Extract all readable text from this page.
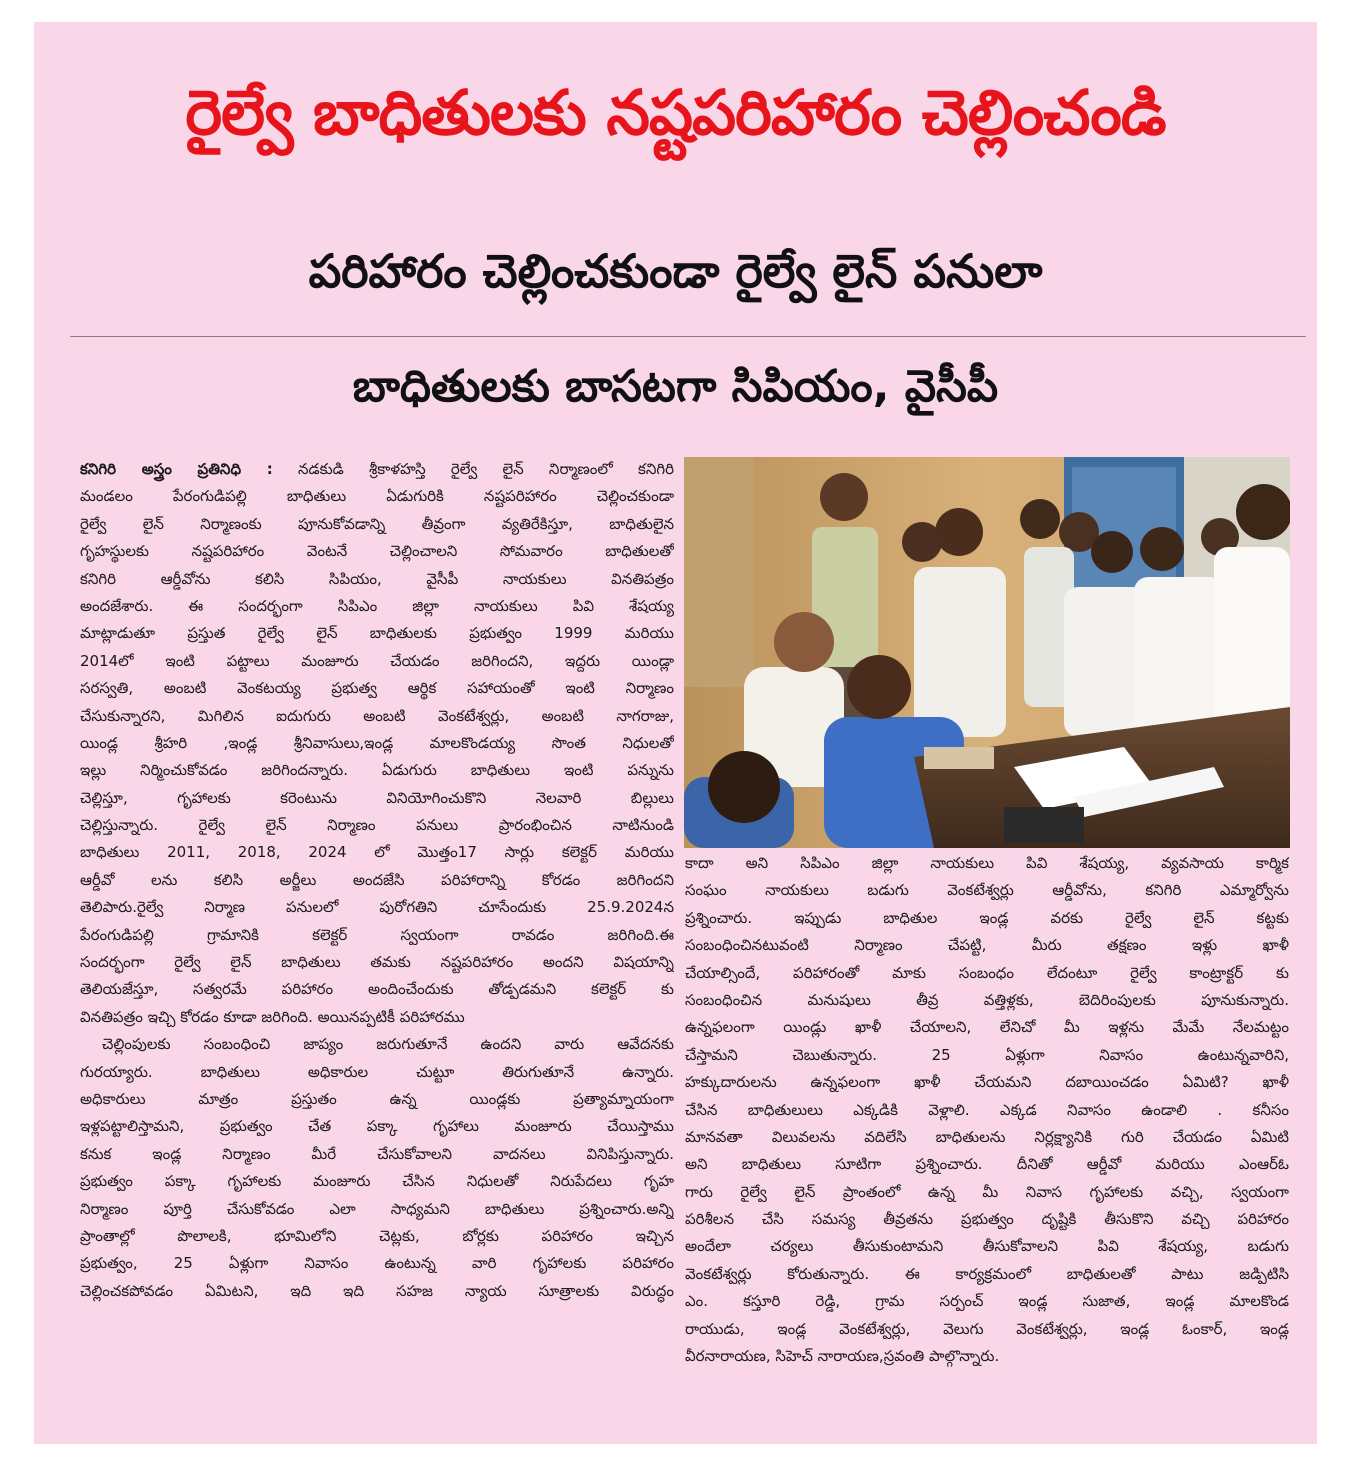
రైల్వే బాధితులకు నష్టపరిహారం చెల్లించండి
పరిహారం చెల్లించకుండా రైల్వే లైన్ పనులా
బాధితులకు బాసటగా సిపియం, వైసీపీ
కనిగిరి అస్త్రం ప్రతినిధి : నడకుడి శ్రీకాళహస్తి రైల్వే లైన్ నిర్మాణంలో కనిగిరి
మండలం పేరంగుడిపల్లి బాధితులు ఏడుగురికి నష్టపరిహారం చెల్లించకుండా
రైల్వే లైన్ నిర్మాణంకు పూనుకోవడాన్ని తీవ్రంగా వ్యతిరేకిస్తూ, బాధితులైన
గృహస్థులకు నష్టపరిహారం వెంటనే చెల్లించాలని సోమవారం బాధితులతో
కనిగిరి ఆర్డీవోను కలిసి సిపియం, వైసీపీ నాయకులు వినతిపత్రం
అందజేశారు. ఈ సందర్భంగా సిపిఎం జిల్లా నాయకులు పివి శేషయ్య
మాట్లాడుతూ ప్రస్తుత రైల్వే లైన్ బాధితులకు ప్రభుత్వం 1999 మరియు
2014లో ఇంటి పట్టాలు మంజూరు చేయడం జరిగిందని, ఇద్దరు యిండ్లా
సరస్వతి, అంబటి వెంకటయ్య ప్రభుత్వ ఆర్థిక సహాయంతో ఇంటి నిర్మాణం
చేసుకున్నారని, మిగిలిన ఐదుగురు అంబటి వెంకటేశ్వర్లు, అంబటి నాగరాజు,
యిండ్ల శ్రీహరి ,ఇండ్ల శ్రీనివాసులు,ఇండ్ల మాలకొండయ్య సొంత నిధులతో
ఇల్లు నిర్మించుకోవడం జరిగిందన్నారు. ఏడుగురు బాధితులు ఇంటి పన్నును
చెల్లిస్తూ, గృహాలకు కరెంటును వినియోగించుకొని నెలవారి బిల్లులు
చెల్లిస్తున్నారు. రైల్వే లైన్ నిర్మాణం పనులు ప్రారంభించిన నాటినుండి
బాధితులు 2011, 2018, 2024 లో మొత్తం17 సార్లు కలెక్టర్ మరియు
ఆర్డీవో లను కలిసి అర్జీలు అందజేసి పరిహారాన్ని కోరడం జరిగిందని
తెలిపారు.రైల్వే నిర్మాణ పనులలో పురోగతిని చూసేందుకు 25.9.2024న
పేరంగుడిపల్లి గ్రామానికి కలెక్టర్ స్వయంగా రావడం జరిగింది.ఈ
సందర్భంగా రైల్వే లైన్ బాధితులు తమకు నష్టపరిహారం అందని విషయాన్ని
తెలియజేస్తూ, సత్వరమే పరిహారం అందించేందుకు తోడ్పడమని కలెక్టర్ కు
వినతిపత్రం ఇచ్చి కోరడం కూడా జరిగింది. అయినప్పటికీ పరిహారము
చెల్లింపులకు సంబంధించి జాప్యం జరుగుతూనే ఉందని వారు ఆవేదనకు
గురయ్యారు. బాధితులు అధికారుల చుట్టూ తిరుగుతూనే ఉన్నారు.
అధికారులు మాత్రం ప్రస్తుతం ఉన్న యిండ్లకు ప్రత్యామ్నాయంగా
ఇళ్లపట్టాలిస్తామని, ప్రభుత్వం చేత పక్కా గృహాలు మంజూరు చేయిస్తాము
కనుక ఇండ్ల నిర్మాణం మీరే చేసుకోవాలని వాదనలు వినిపిస్తున్నారు.
ప్రభుత్వం పక్కా గృహాలకు మంజూరు చేసిన నిధులతో నిరుపేదలు గృహ
నిర్మాణం పూర్తి చేసుకోవడం ఎలా సాధ్యమని బాధితులు ప్రశ్నించారు.అన్ని
ప్రాంతాల్లో పొలాలకి, భూమిలోని చెట్లకు, బోర్లకు పరిహారం ఇచ్చిన
ప్రభుత్వం, 25 ఏళ్లుగా నివాసం ఉంటున్న వారి గృహాలకు పరిహారం
చెల్లించకపోవడం ఏమిటని, ఇది ఇది సహజ న్యాయ సూత్రాలకు విరుద్ధం
కాదా అని సిపిఎం జిల్లా నాయకులు పివి శేషయ్య, వ్యవసాయ కార్మిక
సంఘం నాయకులు బడుగు వెంకటేశ్వర్లు ఆర్డీవోను, కనిగిరి ఎమ్మార్వోను
ప్రశ్నించారు. ఇప్పుడు బాధితుల ఇండ్ల వరకు రైల్వే లైన్ కట్టకు
సంబంధించినటువంటి నిర్మాణం చేపట్టి, మీరు తక్షణం ఇళ్లు ఖాళీ
చేయాల్సిందే, పరిహారంతో మాకు సంబంధం లేదంటూ రైల్వే కాంట్రాక్టర్ కు
సంబంధించిన మనుషులు తీవ్ర వత్తిళ్లకు, బెదిరింపులకు పూనుకున్నారు.
ఉన్నఫలంగా యిండ్లు ఖాళీ చేయాలని, లేనిచో మీ ఇళ్లను మేమే నేలమట్టం
చేస్తామని చెబుతున్నారు. 25 ఏళ్లుగా నివాసం ఉంటున్నవారిని,
హక్కుదారులను ఉన్నఫలంగా ఖాళీ చేయమని దబాయించడం ఏమిటి? ఖాళీ
చేసిన బాధితులులు ఎక్కడికి వెళ్లాలి. ఎక్కడ నివాసం ఉండాలి . కనీసం
మానవతా విలువలను వదిలేసి బాధితులను నిర్లక్ష్యానికి గురి చేయడం ఏమిటి
అని బాధితులు సూటిగా ప్రశ్నించారు. దీనితో ఆర్డీవో మరియు ఎంఆర్ఓ
గారు రైల్వే లైన్ ప్రాంతంలో ఉన్న మీ నివాస గృహాలకు వచ్చి, స్వయంగా
పరిశీలన చేసి సమస్య తీవ్రతను ప్రభుత్వం దృష్టికి తీసుకొని వచ్చి పరిహారం
అందేలా చర్యలు తీసుకుంటామని తీసుకోవాలని పివి శేషయ్య, బడుగు
వెంకటేశ్వర్లు కోరుతున్నారు. ఈ కార్యక్రమంలో బాధితులతో పాటు జడ్పిటిసి
ఎం. కస్తూరి రెడ్డి, గ్రామ సర్పంచ్ ఇండ్ల సుజాత, ఇండ్ల మాలకొండ
రాయుడు, ఇండ్ల వెంకటేశ్వర్లు, వెలుగు వెంకటేశ్వర్లు, ఇండ్ల ఓంకార్, ఇండ్ల
వీరనారాయణ, సిహెచ్ నారాయణ,స్రవంతి పాల్గొన్నారు.
